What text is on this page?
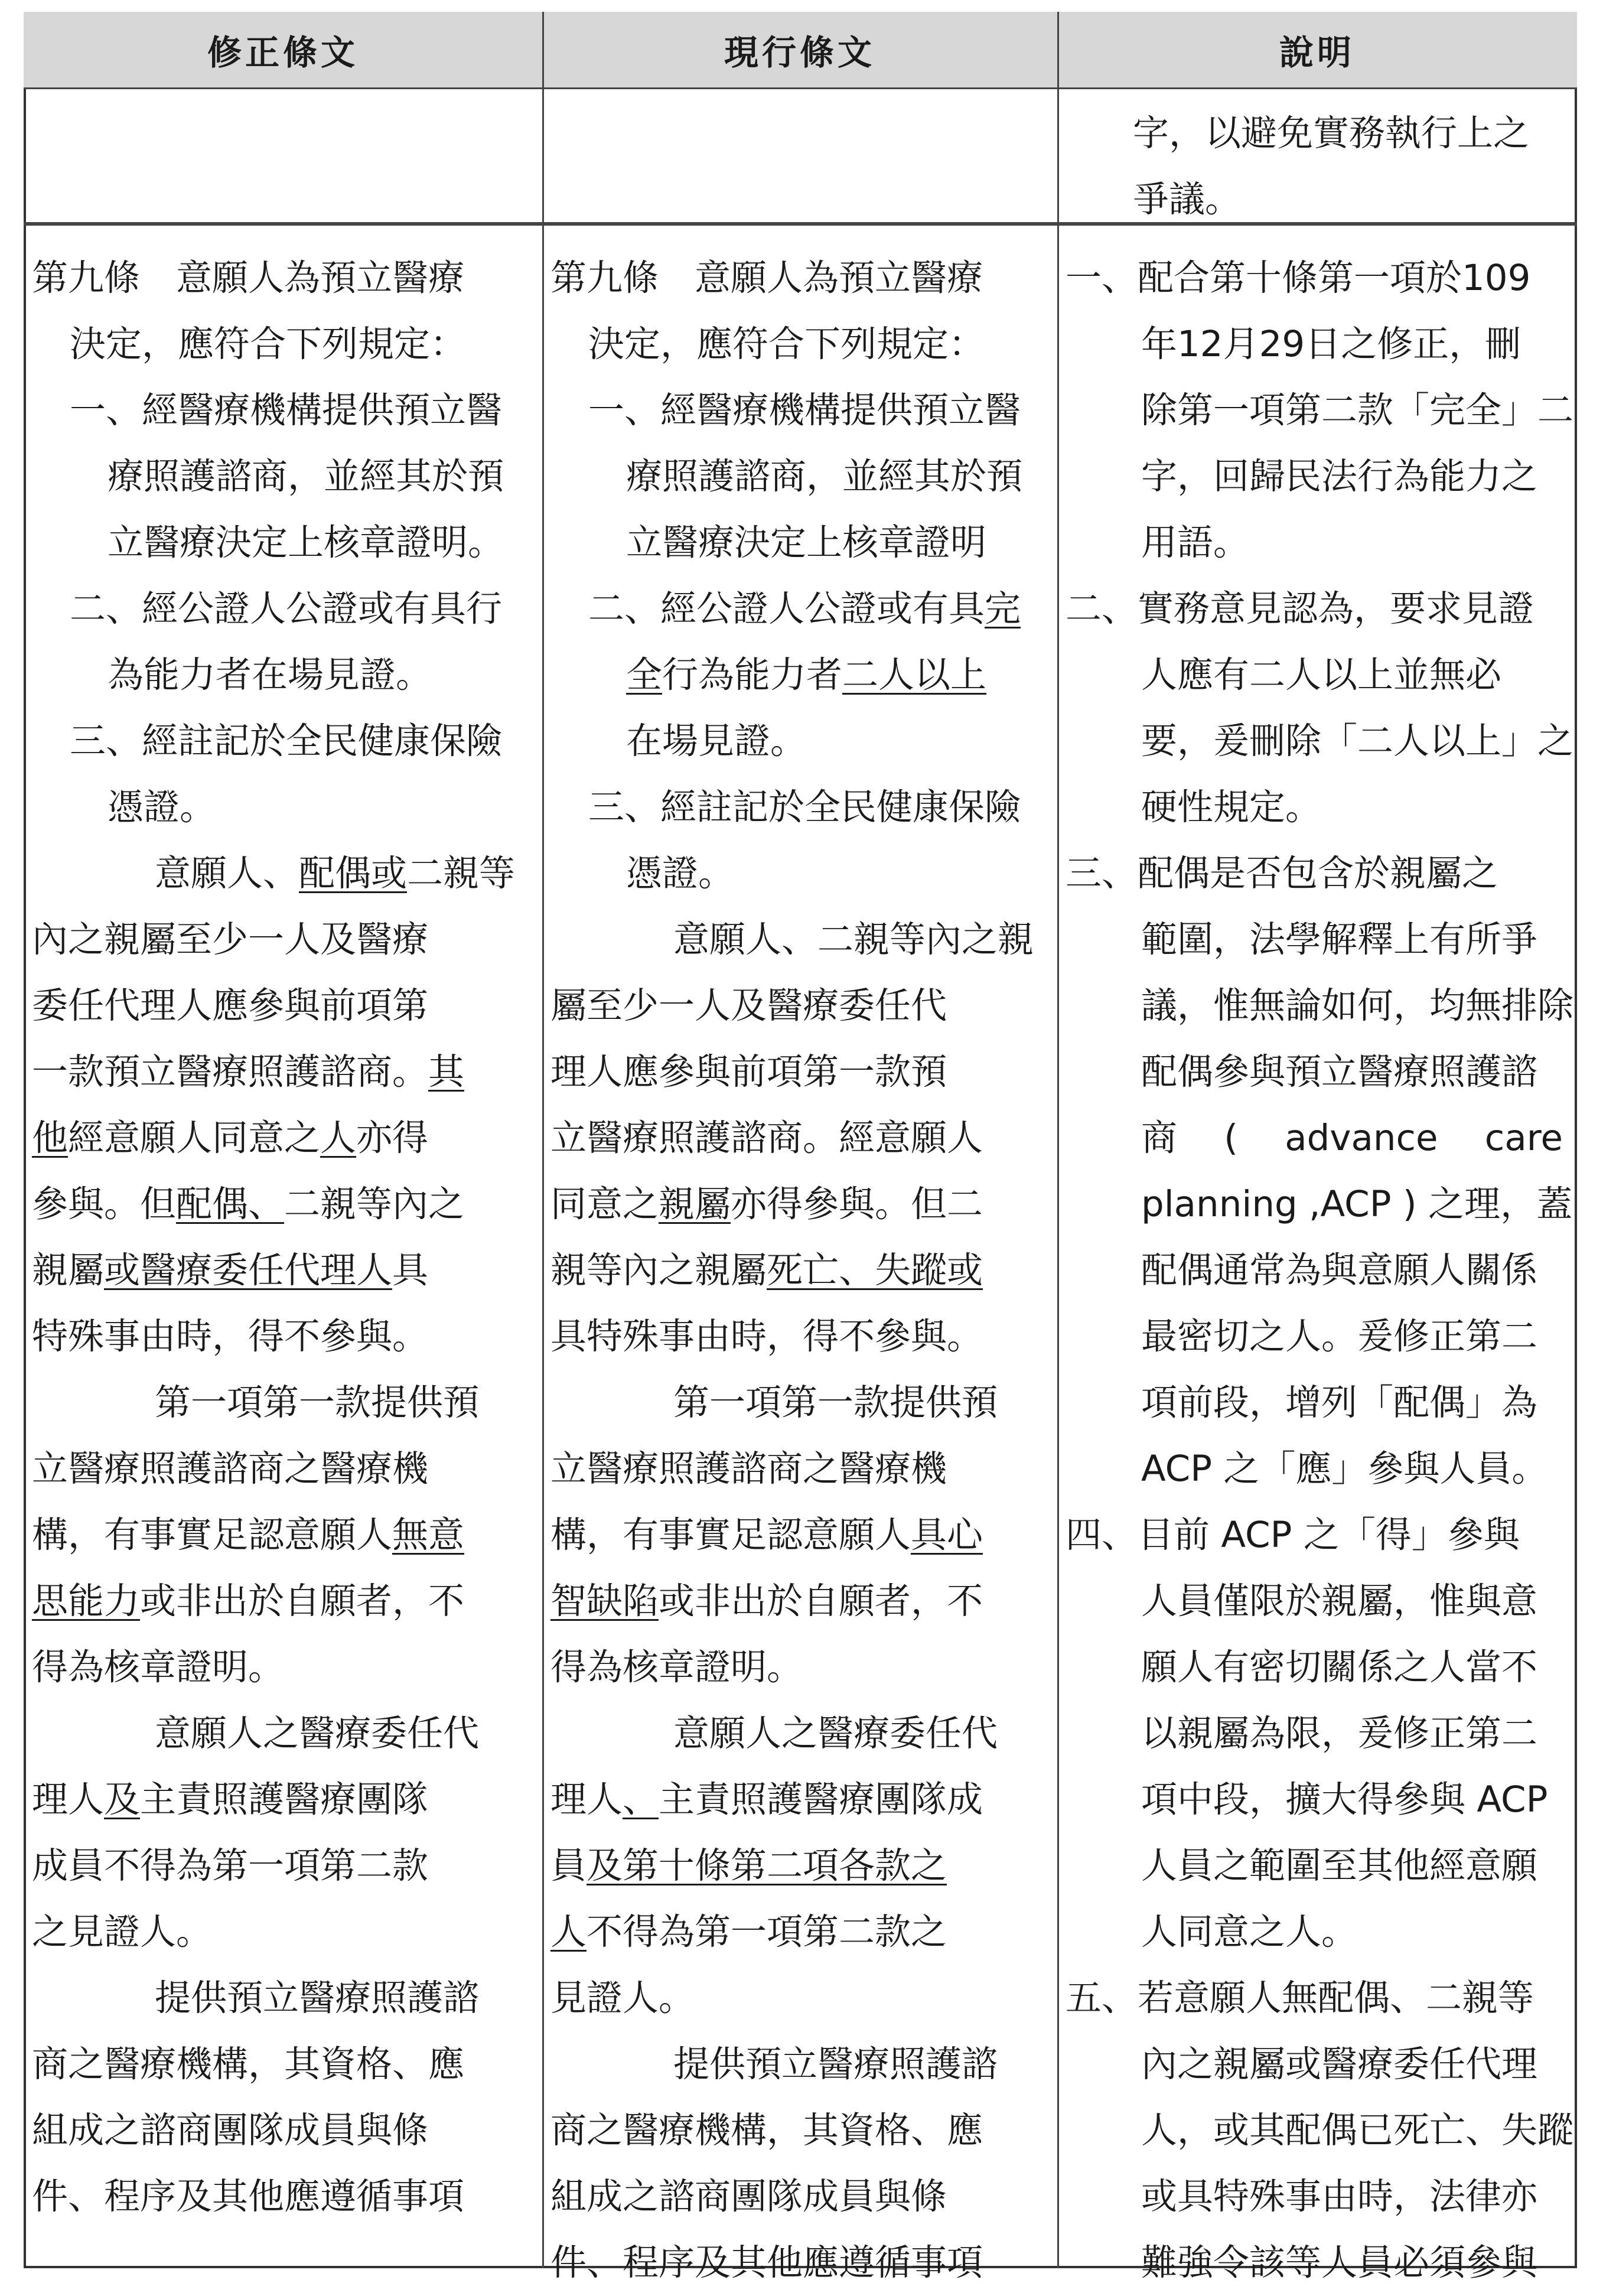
修正條文	現行條文	說明
字，以避免實務執行上之
爭議。
第九條　意願人為預立醫療
決定，應符合下列規定：
一、經醫療機構提供預立醫
療照護諮商，並經其於預
立醫療決定上核章證明。
二、經公證人公證或有具行
為能力者在場見證。
三、經註記於全民健康保險
憑證。
意願人、配偶或二親等
內之親屬至少一人及醫療
委任代理人應參與前項第
一款預立醫療照護諮商。其
他經意願人同意之人亦得
參與。但配偶、二親等內之
親屬或醫療委任代理人具
特殊事由時，得不參與。
第一項第一款提供預
立醫療照護諮商之醫療機
構，有事實足認意願人無意
思能力或非出於自願者，不
得為核章證明。
意願人之醫療委任代
理人及主責照護醫療團隊
成員不得為第一項第二款
之見證人。
提供預立醫療照護諮
商之醫療機構，其資格、應
組成之諮商團隊成員與條
件、程序及其他應遵循事項
第九條　意願人為預立醫療
決定，應符合下列規定：
一、經醫療機構提供預立醫
療照護諮商，並經其於預
立醫療決定上核章證明
二、經公證人公證或有具完
全行為能力者二人以上
在場見證。
三、經註記於全民健康保險
憑證。
意願人、二親等內之親
屬至少一人及醫療委任代
理人應參與前項第一款預
立醫療照護諮商。經意願人
同意之親屬亦得參與。但二
親等內之親屬死亡、失蹤或
具特殊事由時，得不參與。
第一項第一款提供預
立醫療照護諮商之醫療機
構，有事實足認意願人具心
智缺陷或非出於自願者，不
得為核章證明。
意願人之醫療委任代
理人、主責照護醫療團隊成
員及第十條第二項各款之
人不得為第一項第二款之
見證人。
提供預立醫療照護諮
商之醫療機構，其資格、應
組成之諮商團隊成員與條
件、程序及其他應遵循事項
一、配合第十條第一項於109
年12月29日之修正，刪
除第一項第二款「完全」二
字，回歸民法行為能力之
用語。
二、實務意見認為，要求見證
人應有二人以上並無必
要，爰刪除「二人以上」之
硬性規定。
三、配偶是否包含於親屬之
範圍，法學解釋上有所爭
議，惟無論如何，均無排除
配偶參與預立醫療照護諮
商 ( advance care
planning ,ACP ) 之理，蓋
配偶通常為與意願人關係
最密切之人。爰修正第二
項前段，增列「配偶」為
ACP 之「應」參與人員。
四、目前 ACP 之「得」參與
人員僅限於親屬，惟與意
願人有密切關係之人當不
以親屬為限，爰修正第二
項中段，擴大得參與 ACP
人員之範圍至其他經意願
人同意之人。
五、若意願人無配偶、二親等
內之親屬或醫療委任代理
人，或其配偶已死亡、失蹤
或具特殊事由時，法律亦
難強令該等人員必須參與
